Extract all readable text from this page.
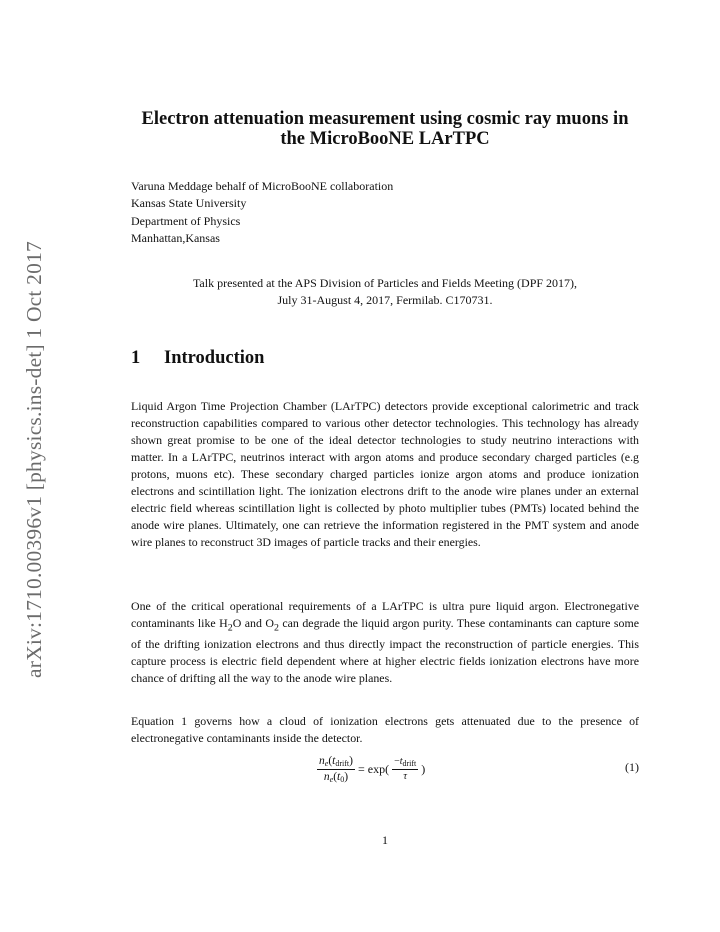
arXiv:1710.00396v1 [physics.ins-det] 1 Oct 2017
Electron attenuation measurement using cosmic ray muons in the MicroBooNE LArTPC
Varuna Meddage behalf of MicroBooNE collaboration
Kansas State University
Department of Physics
Manhattan,Kansas
Talk presented at the APS Division of Particles and Fields Meeting (DPF 2017),
July 31-August 4, 2017, Fermilab. C170731.
1 Introduction

Liquid Argon Time Projection Chamber (LArTPC) detectors provide exceptional calorimetric and track reconstruction capabilities compared to various other detector technologies. This technology has already shown great promise to be one of the ideal detector technologies to study neutrino interactions with matter. In a LArTPC, neutrinos interact with argon atoms and produce secondary charged particles (e.g protons, muons etc). These secondary charged particles ionize argon atoms and produce ionization electrons and scintillation light. The ionization electrons drift to the anode wire planes under an external electric field whereas scintillation light is collected by photo multiplier tubes (PMTs) located behind the anode wire planes. Ultimately, one can retrieve the information registered in the PMT system and anode wire planes to reconstruct 3D images of particle tracks and their energies.

One of the critical operational requirements of a LArTPC is ultra pure liquid argon. Electronegative contaminants like $H_2O$ and $O_2$ can degrade the liquid argon purity. These contaminants can capture some of the drifting ionization electrons and thus directly impact the reconstruction of particle energies. This capture process is electric field dependent where at higher electric fields ionization electrons have more chance of drifting all the way to the anode wire planes.

Equation 1 governs how a cloud of ionization electrons gets attenuated due to the presence of electronegative contaminants inside the detector.

$\frac{n_e(t_{drift})}{n_e(t_0)} = \exp( \frac{-t_{drift}}{\tau}$ )	(1)
1
